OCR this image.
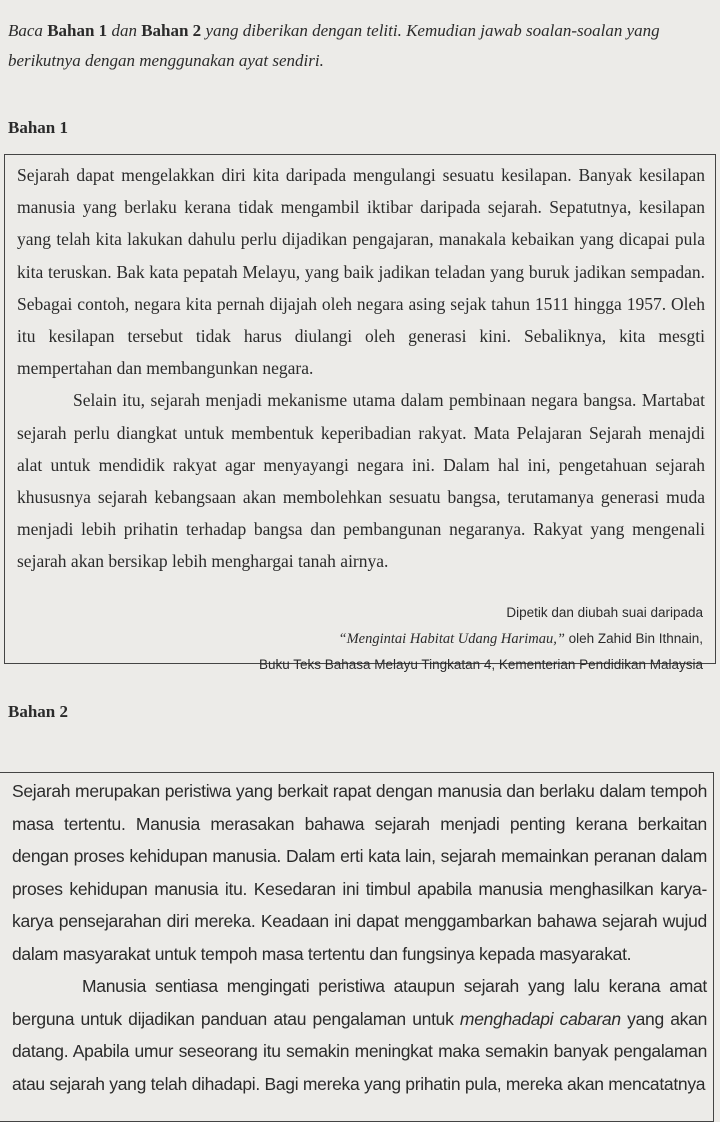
Baca Bahan 1 dan Bahan 2 yang diberikan dengan teliti. Kemudian jawab soalan-soalan yang berikutnya dengan menggunakan ayat sendiri.
Bahan 1

Sejarah dapat mengelakkan diri kita daripada mengulangi sesuatu kesilapan. Banyak kesilapan manusia yang berlaku kerana tidak mengambil iktibar daripada sejarah. Sepatutnya, kesilapan yang telah kita lakukan dahulu perlu dijadikan pengajaran, manakala kebaikan yang dicapai pula kita teruskan. Bak kata pepatah Melayu, yang baik jadikan teladan yang buruk jadikan sempadan. Sebagai contoh, negara kita pernah dijajah oleh negara asing sejak tahun 1511 hingga 1957. Oleh itu kesilapan tersebut tidak harus diulangi oleh generasi kini. Sebaliknya, kita mesgti mempertahan dan membangunkan negara.

Selain itu, sejarah menjadi mekanisme utama dalam pembinaan negara bangsa. Martabat sejarah perlu diangkat untuk membentuk keperibadian rakyat. Mata Pelajaran Sejarah menajdi alat untuk mendidik rakyat agar menyayangi negara ini. Dalam hal ini, pengetahuan sejarah khususnya sejarah kebangsaan akan membolehkan sesuatu bangsa, terutamanya generasi muda menjadi lebih prihatin terhadap bangsa dan pembangunan negaranya. Rakyat yang mengenali sejarah akan bersikap lebih menghargai tanah airnya.

Dipetik dan diubah suai daripada
“Mengintai Habitat Udang Harimau,” oleh Zahid Bin Ithnain,
Buku Teks Bahasa Melayu Tingkatan 4, Kementerian Pendidikan Malaysia

Bahan 2

Sejarah merupakan peristiwa yang berkait rapat dengan manusia dan berlaku dalam tempoh masa tertentu. Manusia merasakan bahawa sejarah menjadi penting kerana berkaitan dengan proses kehidupan manusia. Dalam erti kata lain, sejarah memainkan peranan dalam proses kehidupan manusia itu. Kesedaran ini timbul apabila manusia menghasilkan karya-karya pensejarahan diri mereka. Keadaan ini dapat menggambarkan bahawa sejarah wujud dalam masyarakat untuk tempoh masa tertentu dan fungsinya kepada masyarakat.

Manusia sentiasa mengingati peristiwa ataupun sejarah yang lalu kerana amat berguna untuk dijadikan panduan atau pengalaman untuk menghadapi cabaran yang akan datang. Apabila umur seseorang itu semakin meningkat maka semakin banyak pengalaman atau sejarah yang telah dihadapi. Bagi mereka yang prihatin pula, mereka akan mencatatnya
